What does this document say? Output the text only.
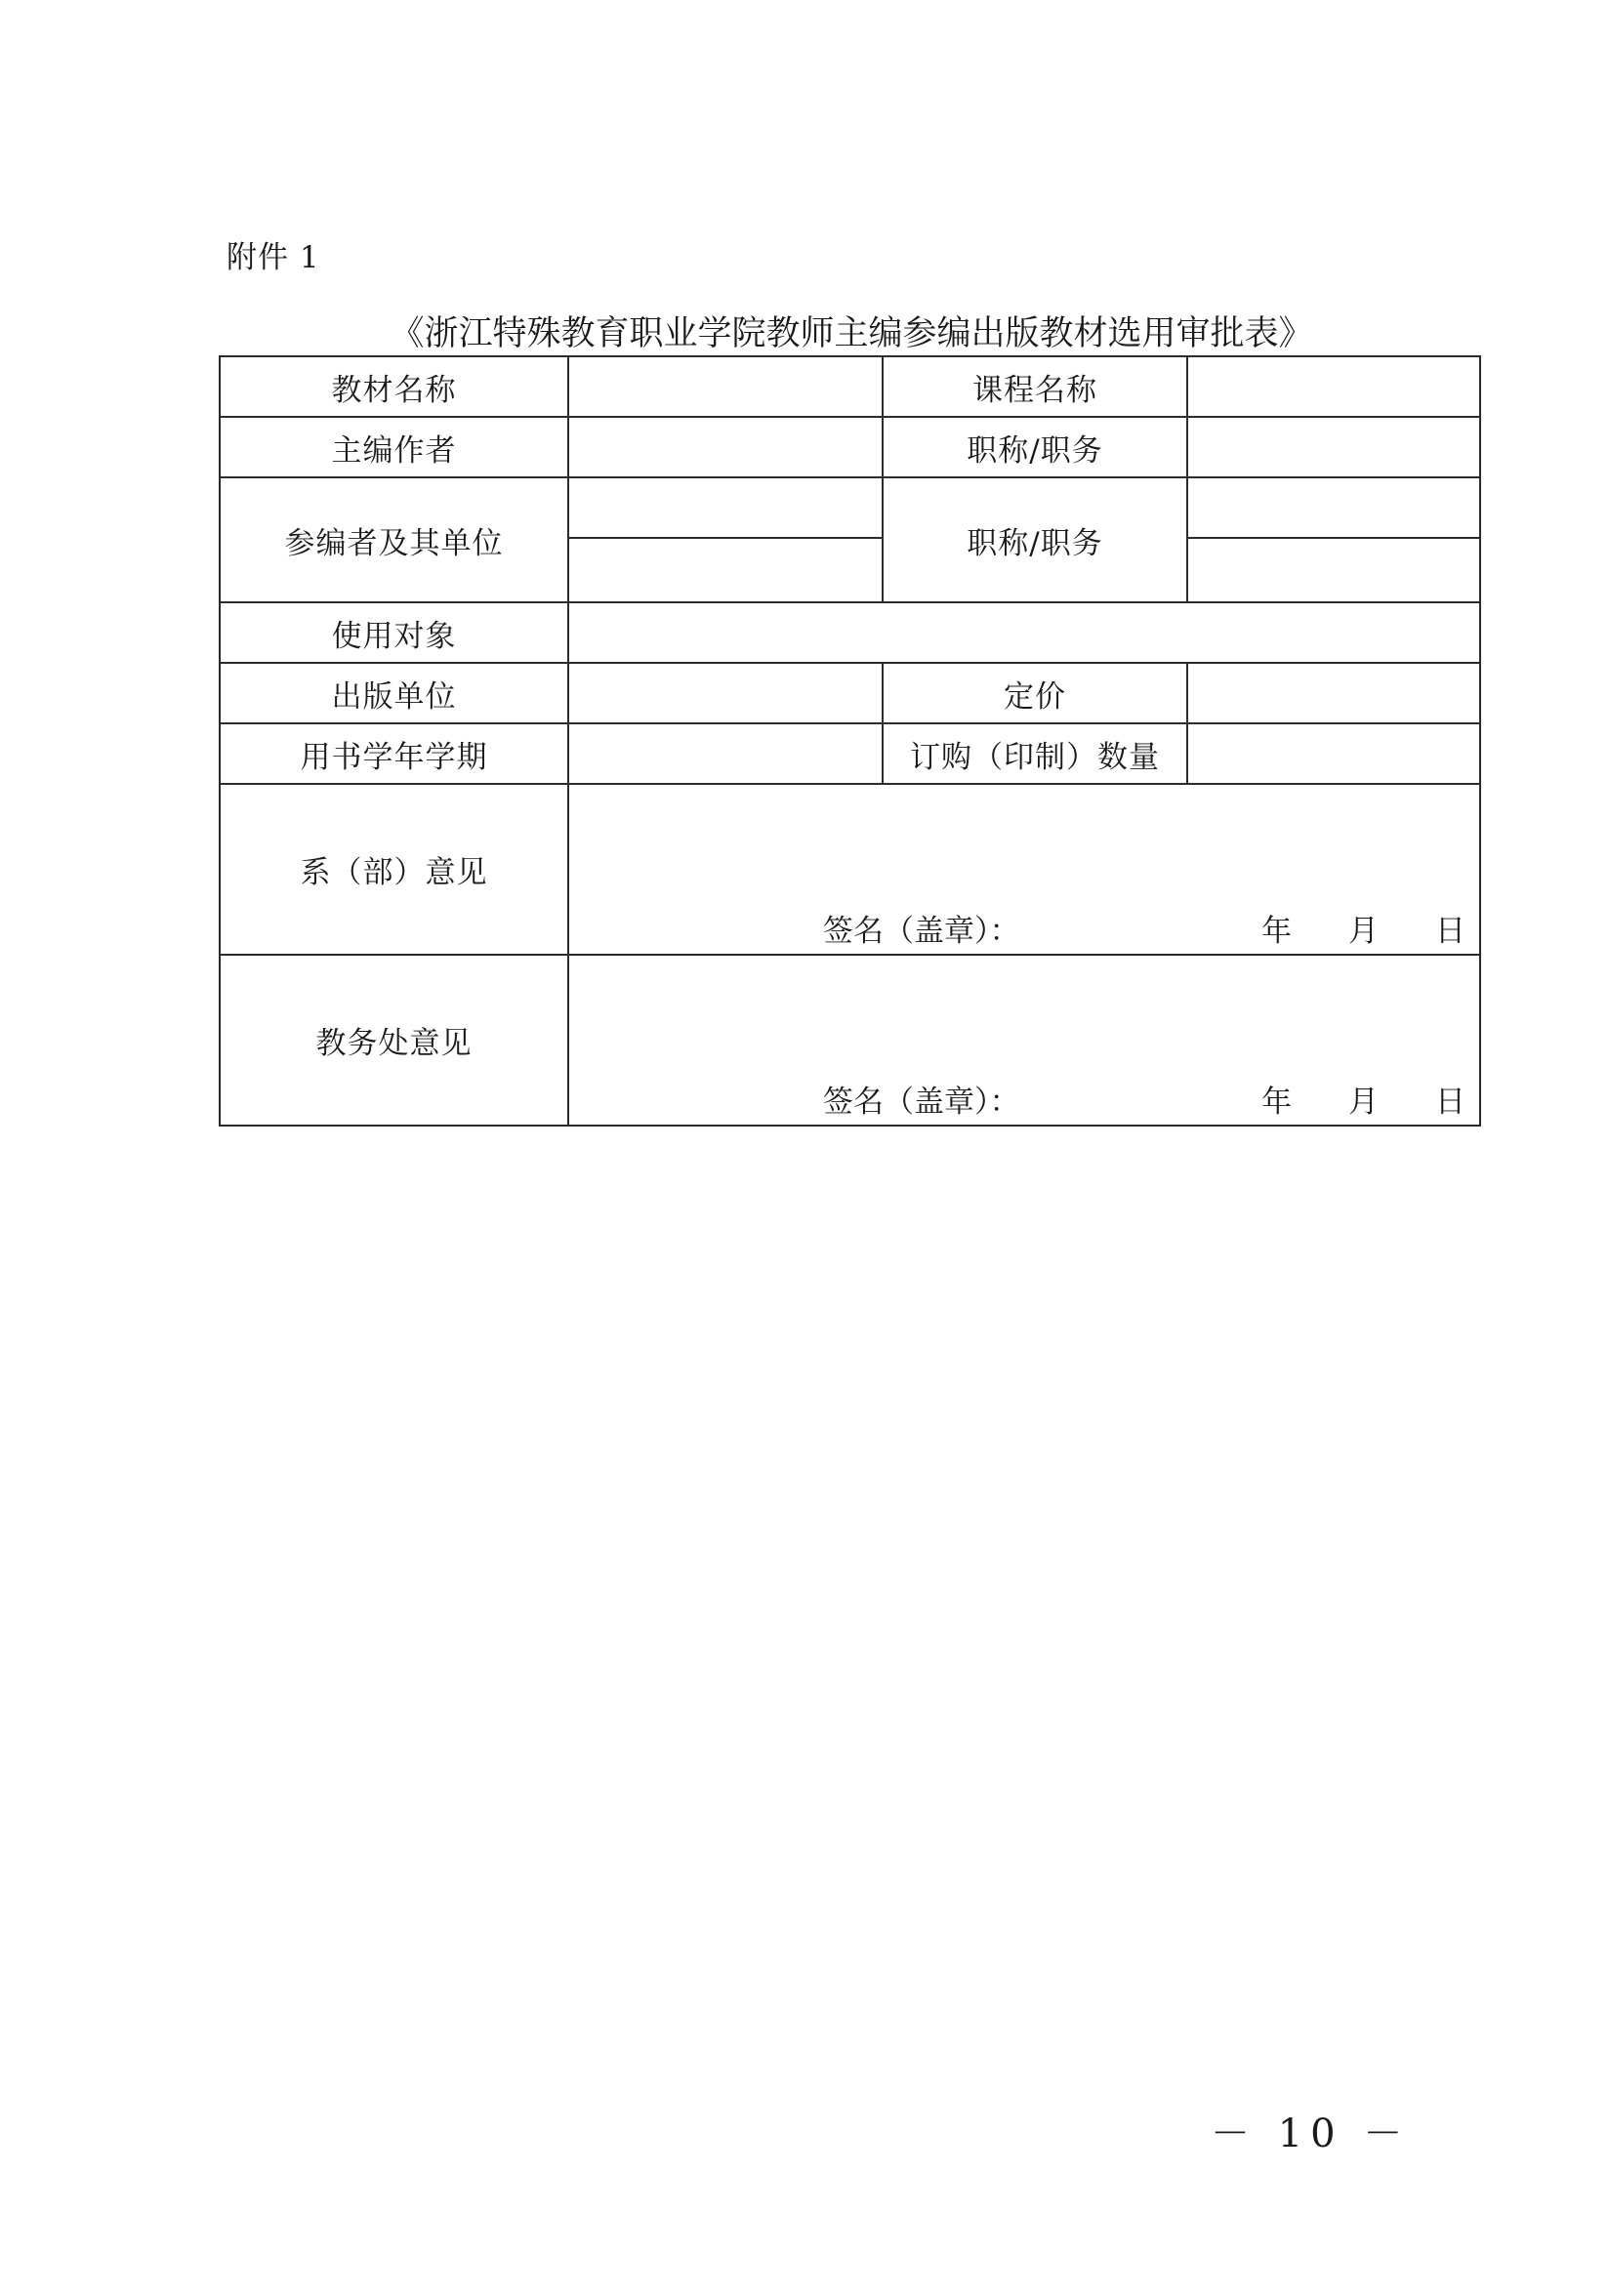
附件 1
《浙江特殊教育职业学院教师主编参编出版教材选用审批表》
教材名称		课程名称	
主编作者		职称/职务	
参编者及其单位		职称/职务	

使用对象			
出版单位		定价	
用书学年学期		订购（印制）数量	
系（部）意见	签名（盖章）： 年 月 日		

教务处意见	签名（盖章）： 年 月 日		
－ 10 －
